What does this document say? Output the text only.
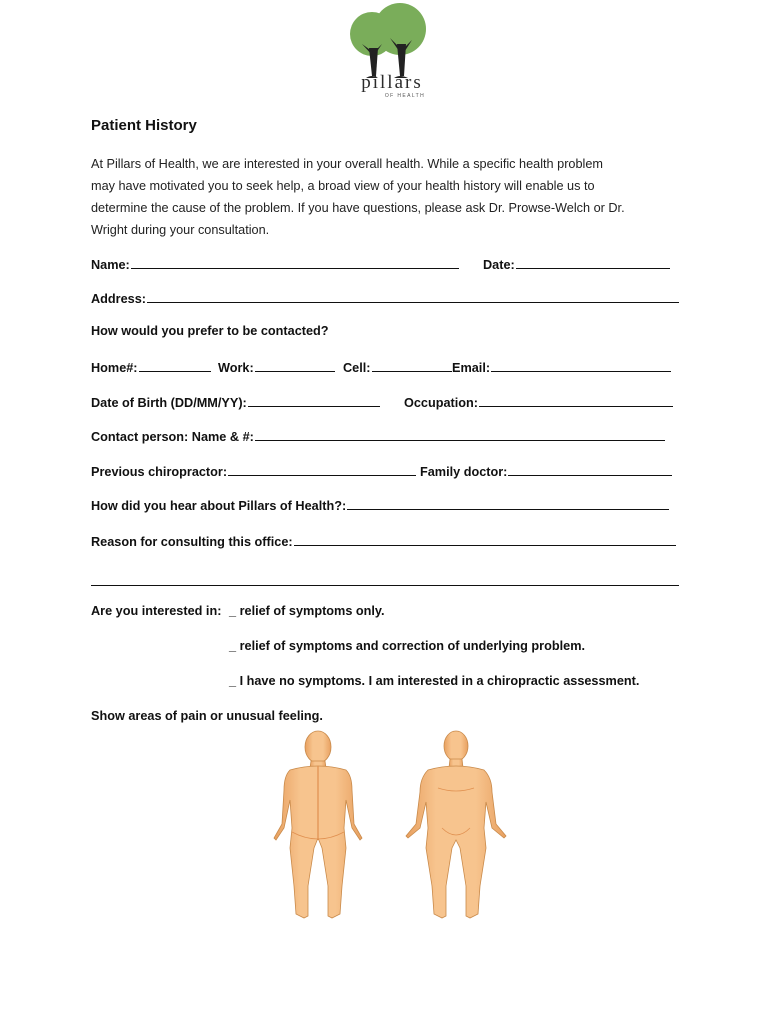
pillars
OF HEALTH
Patient History

At Pillars of Health, we are interested in your overall health. While a specific health problem

may have motivated you to seek help, a broad view of your health history will enable us to

determine the cause of the problem. If you have questions, please ask Dr. Prowse-Welch or Dr.

Wright during your consultation.

Name:	Date:
Address:
How would you prefer to be contacted?
Home#:	Work:	Cell:	Email:
Date of Birth (DD/MM/YY):	Occupation:
Contact person: Name & #:
Previous chiropractor:	Family doctor:
How did you hear about Pillars of Health?:
Reason for consulting this office:
Are you interested in: _ relief of symptoms only.
_ relief of symptoms and correction of underlying problem.
_ I have no symptoms. I am interested in a chiropractic assessment.
Show areas of pain or unusual feeling.
